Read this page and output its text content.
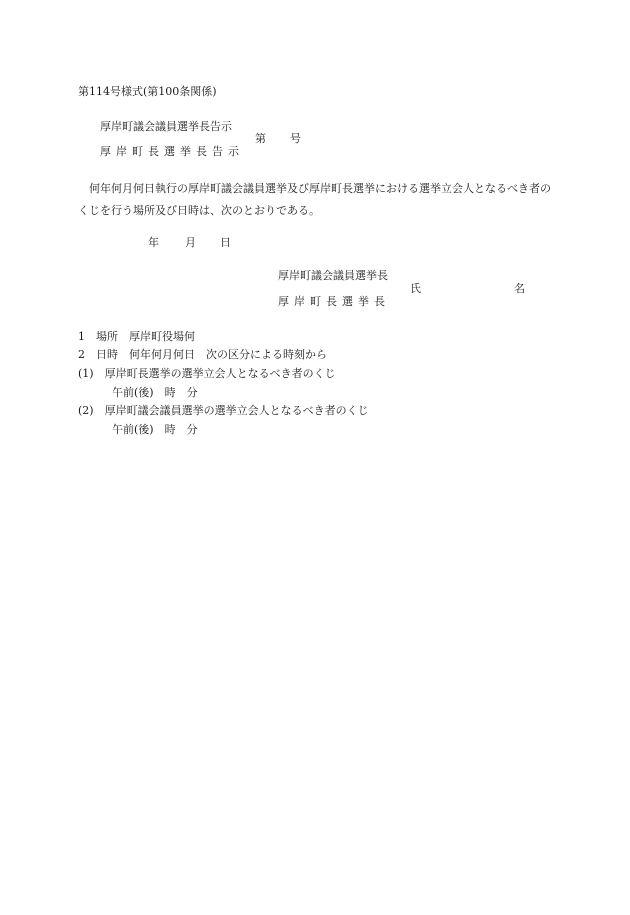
第114号様式(第100条関係)

厚岸町議会議員選挙長告示

厚岸町長選挙長告示

第 号

何年何月何日執行の厚岸町議会議員選挙及び厚岸町長選挙における選挙立会人となるべき者のくじを行う場所及び日時は、次のとおりである。

年 月 日

厚岸町議会議員選挙長

厚岸町長選挙長

氏	名

1　場所　厚岸町役場何

2　日時　何年何月何日　次の区分による時刻から

(1)　厚岸町長選挙の選挙立会人となるべき者のくじ

午前(後)　時　分

(2)　厚岸町議会議員選挙の選挙立会人となるべき者のくじ

午前(後)　時　分
